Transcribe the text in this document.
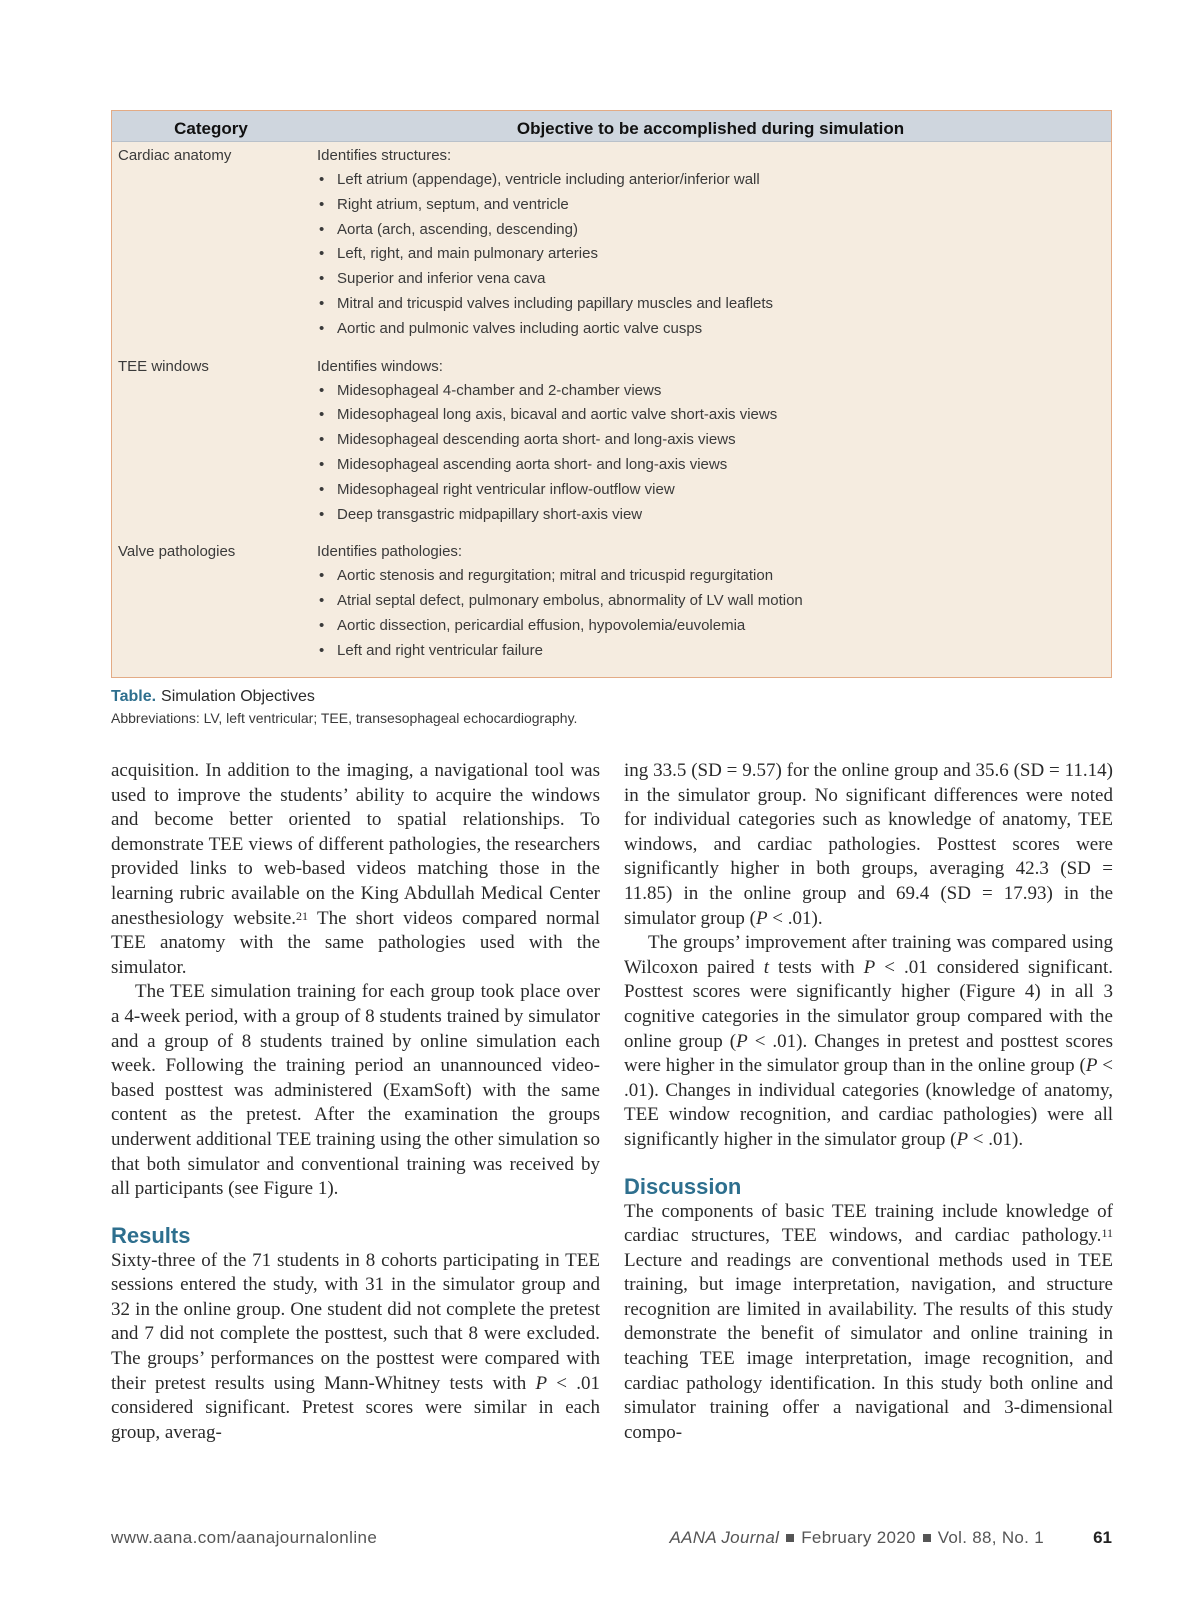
Category	Objective to be accomplished during simulation
Cardiac anatomy	Identifies structures:
• Left atrium (appendage), ventricle including anterior/inferior wall
• Right atrium, septum, and ventricle
• Aorta (arch, ascending, descending)
• Left, right, and main pulmonary arteries
• Superior and inferior vena cava
• Mitral and tricuspid valves including papillary muscles and leaflets
• Aortic and pulmonic valves including aortic valve cusps
TEE windows	Identifies windows:
• Midesophageal 4-chamber and 2-chamber views
• Midesophageal long axis, bicaval and aortic valve short-axis views
• Midesophageal descending aorta short- and long-axis views
• Midesophageal ascending aorta short- and long-axis views
• Midesophageal right ventricular inflow-outflow view
• Deep transgastric midpapillary short-axis view
Valve pathologies	Identifies pathologies:
• Aortic stenosis and regurgitation; mitral and tricuspid regurgitation
• Atrial septal defect, pulmonary embolus, abnormality of LV wall motion
• Aortic dissection, pericardial effusion, hypovolemia/euvolemia
• Left and right ventricular failure
Table. Simulation Objectives
Abbreviations: LV, left ventricular; TEE, transesophageal echocardiography.

acquisition. In addition to the imaging, a navigational tool was used to improve the students’ ability to acquire the windows and become better oriented to spatial relationships. To demonstrate TEE views of different pathologies, the researchers provided links to web-based videos matching those in the learning rubric available on the King Abdullah Medical Center anesthesiology website.$^{21}$ The short videos compared normal TEE anatomy with the same pathologies used with the simulator.

The TEE simulation training for each group took place over a 4-week period, with a group of 8 students trained by simulator and a group of 8 students trained by online simulation each week. Following the training period an unannounced video-based posttest was administered (ExamSoft) with the same content as the pretest. After the examination the groups underwent additional TEE training using the other simulation so that both simulator and conventional training was received by all participants (see Figure 1).

Results

Sixty-three of the 71 students in 8 cohorts participating in TEE sessions entered the study, with 31 in the simulator group and 32 in the online group. One student did not complete the pretest and 7 did not complete the posttest, such that 8 were excluded. The groups’ performances on the posttest were compared with their pretest results using Mann-Whitney tests with P < .01 considered significant. Pretest scores were similar in each group, averag-

ing 33.5 (SD = 9.57) for the online group and 35.6 (SD = 11.14) in the simulator group. No significant differences were noted for individual categories such as knowledge of anatomy, TEE windows, and cardiac pathologies. Posttest scores were significantly higher in both groups, averaging 42.3 (SD = 11.85) in the online group and 69.4 (SD = 17.93) in the simulator group (P < .01).

The groups’ improvement after training was compared using Wilcoxon paired t tests with P < .01 considered significant. Posttest scores were significantly higher (Figure 4) in all 3 cognitive categories in the simulator group compared with the online group (P < .01). Changes in pretest and posttest scores were higher in the simulator group than in the online group (P < .01). Changes in individual categories (knowledge of anatomy, TEE window recognition, and cardiac pathologies) were all significantly higher in the simulator group (P < .01).

Discussion

The components of basic TEE training include knowledge of cardiac structures, TEE windows, and cardiac pathology.$^{11}$ Lecture and readings are conventional methods used in TEE training, but image interpretation, navigation, and structure recognition are limited in availability. The results of this study demonstrate the benefit of simulator and online training in teaching TEE image interpretation, image recognition, and cardiac pathology identification. In this study both online and simulator training offer a navigational and 3-dimensional compo-

www.aana.com/aanajournalonline	AANA Journal February 2020 Vol. 88, No. 1	61
